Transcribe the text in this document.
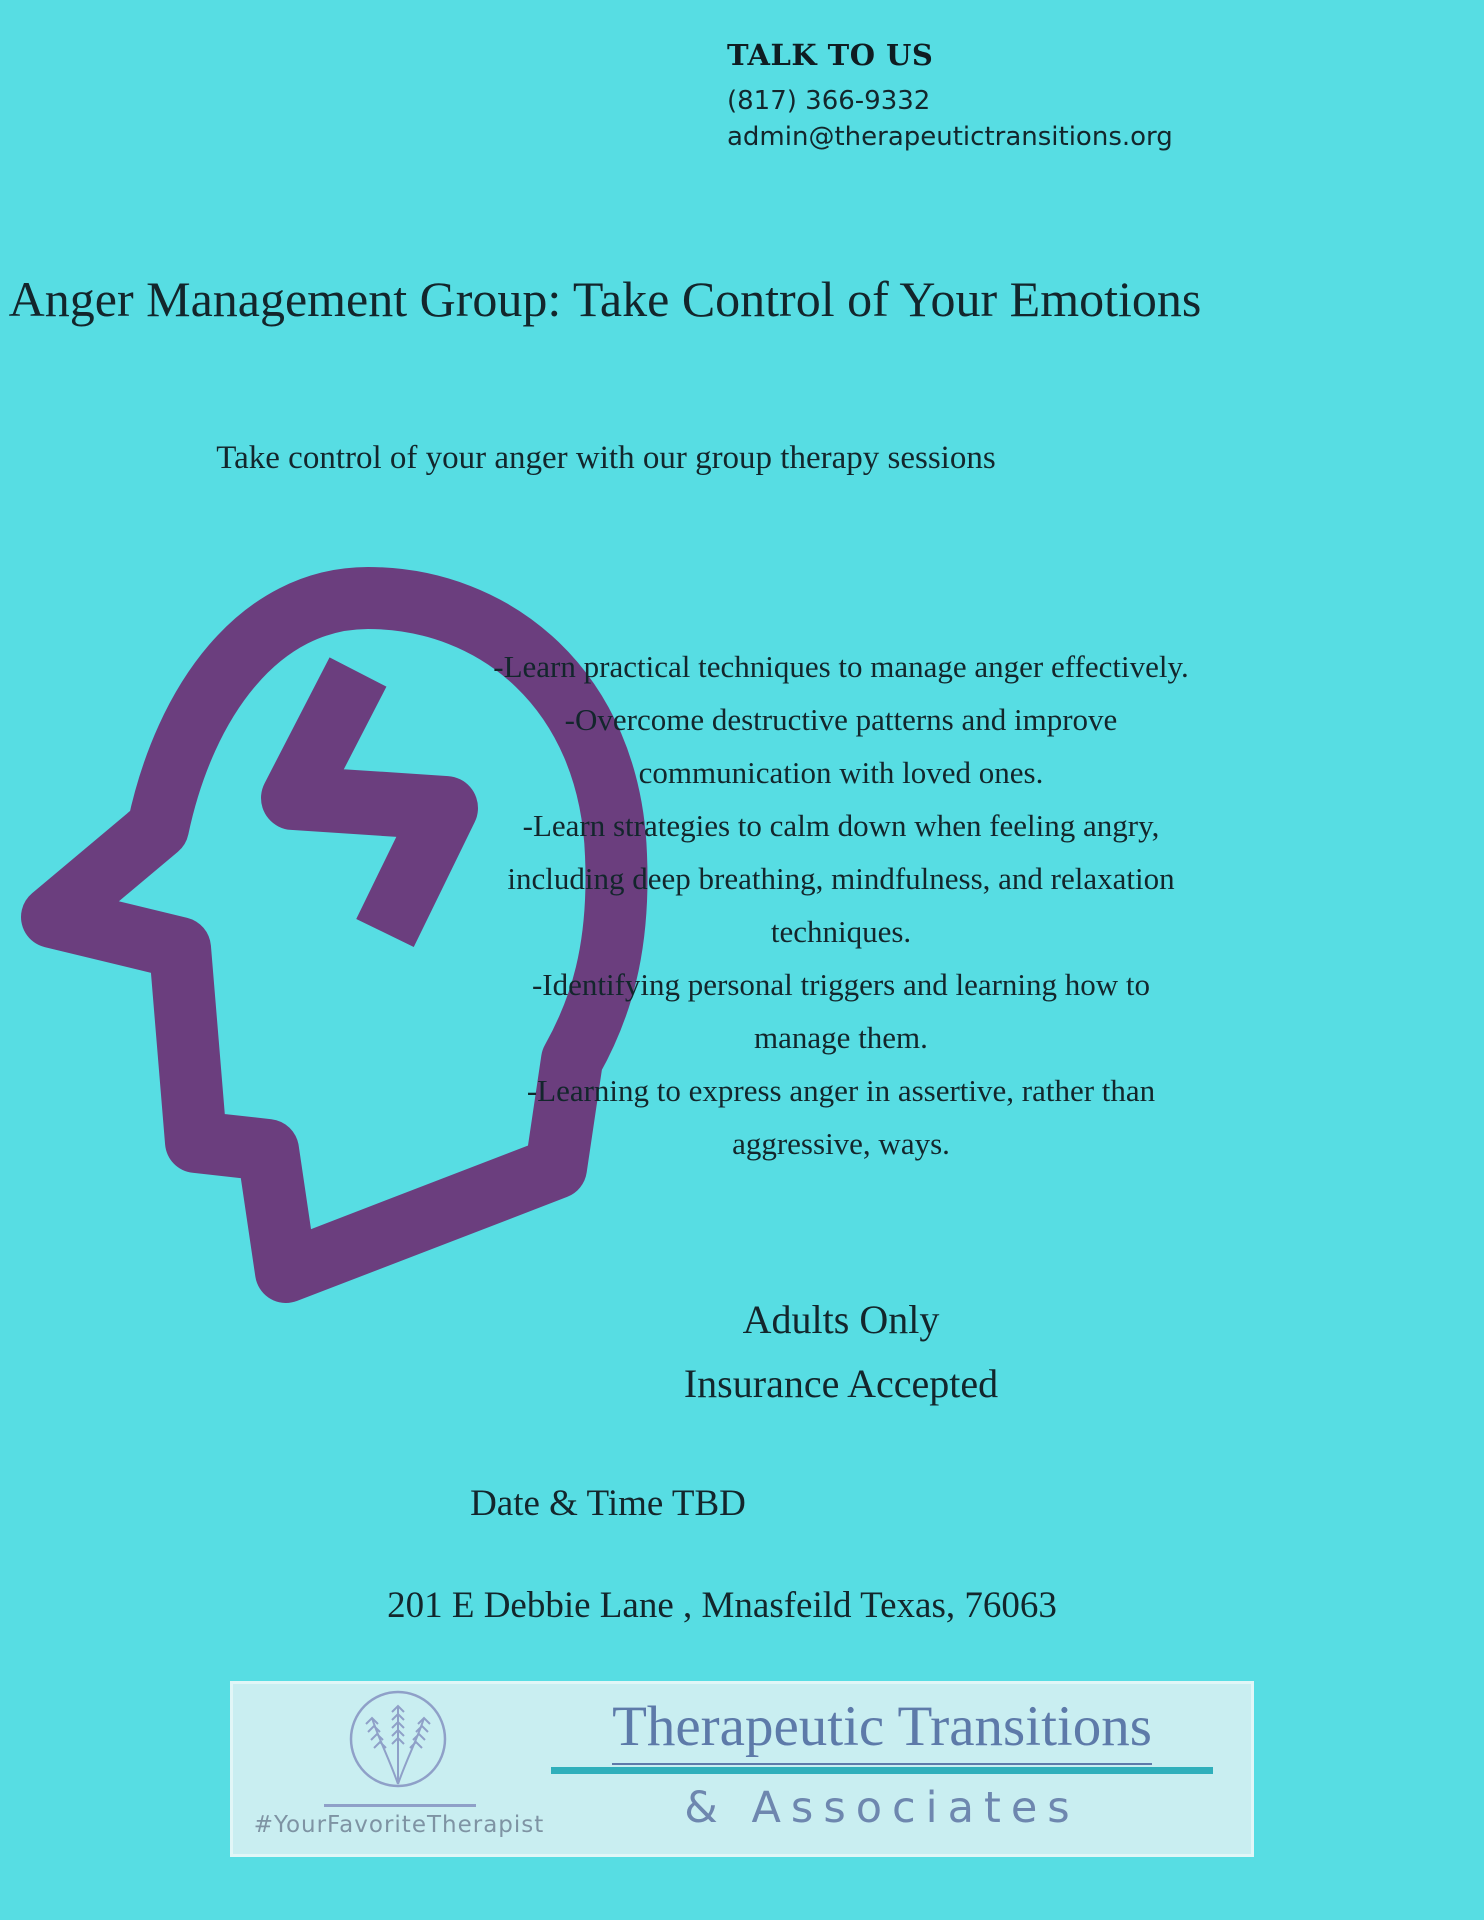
TALK TO US
(817) 366-9332
admin@therapeutictransitions.org
Anger Management Group: Take Control of Your Emotions
Take control of your anger with our group therapy sessions
-Learn practical techniques to manage anger effectively.
-Overcome destructive patterns and improve communication with loved ones.
-Learn strategies to calm down when feeling angry, including deep breathing, mindfulness, and relaxation techniques.
-Identifying personal triggers and learning how to manage them.
-Learning to express anger in assertive, rather than aggressive, ways.
Adults Only
Insurance Accepted
Date & Time TBD
201 E Debbie Lane , Mnasfeild Texas, 76063
#YourFavoriteTherapist
Therapeutic Transitions
& Associates
